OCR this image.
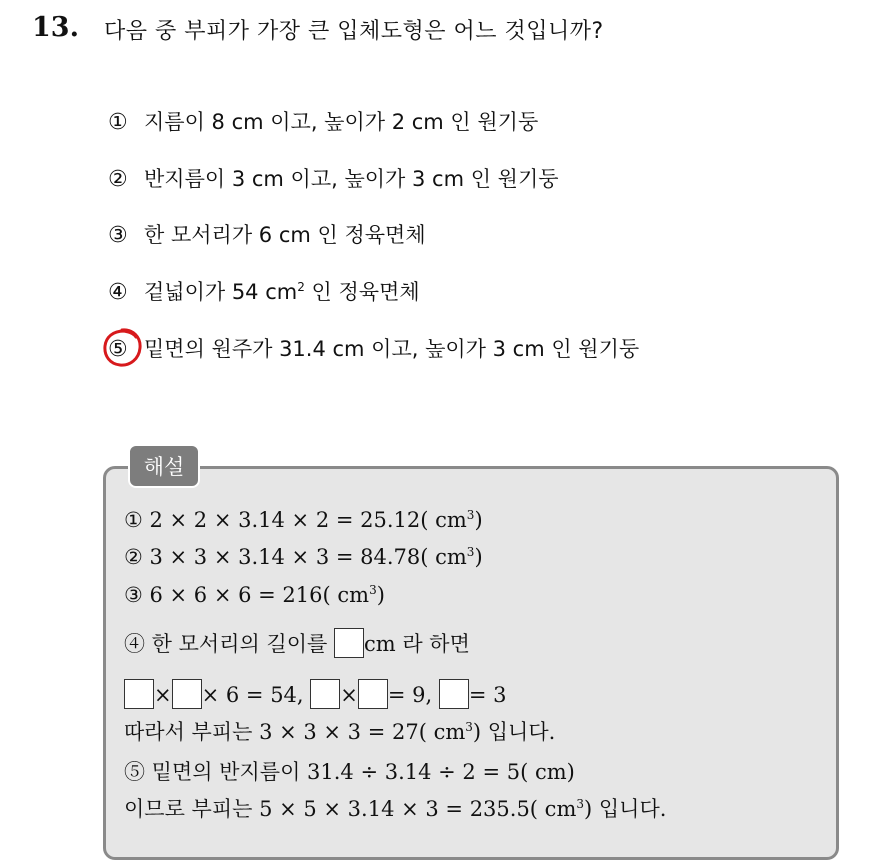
13. 다음 중 부피가 가장 큰 입체도형은 어느 것입니까?
① 지름이 8 cm 이고, 높이가 2 cm 인 원기둥
② 반지름이 3 cm 이고, 높이가 3 cm 인 원기둥
③ 한 모서리가 6 cm 인 정육면체
④ 겉넓이가 54 $cm^2$ 인 정육면체
⑤ 밑면의 원주가 31.4 cm 이고, 높이가 3 cm 인 원기둥
해설
① 2 × 2 × 3.14 × 2 = 25.12( $cm^3$)
② 3 × 3 × 3.14 × 3 = 84.78( $cm^3$)
③ 6 × 6 × 6 = 216( $cm^3$)
④ 한 모서리의 길이를 cm 라 하면
× × 6 = 54, × = 9, = 3
따라서 부피는 3 × 3 × 3 = 27( $cm^3$) 입니다.
⑤ 밑면의 반지름이 31.4 ÷ 3.14 ÷ 2 = 5( cm)
이므로 부피는 5 × 5 × 3.14 × 3 = 235.5( $cm^3$) 입니다.
